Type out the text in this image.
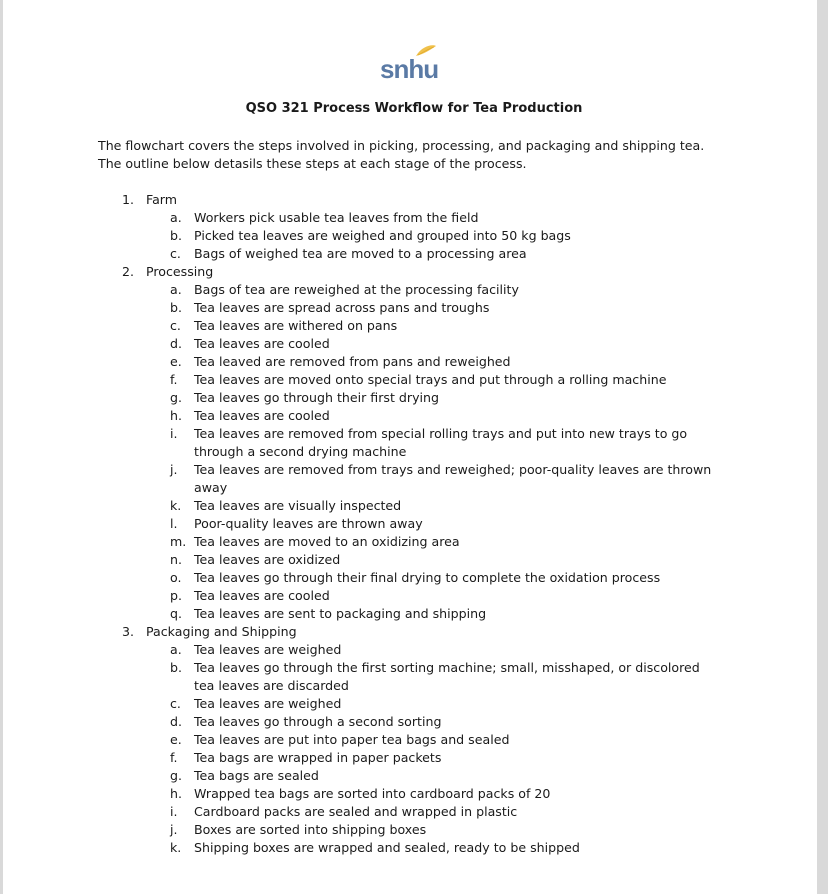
snhu
QSO 321 Process Workflow for Tea Production
The flowchart covers the steps involved in picking, processing, and packaging and shipping tea. The outline below detasils these steps at each stage of the process.
1. Farm
a. Workers pick usable tea leaves from the field
b. Picked tea leaves are weighed and grouped into 50 kg bags
c. Bags of weighed tea are moved to a processing area
2. Processing
a. Bags of tea are reweighed at the processing facility
b. Tea leaves are spread across pans and troughs
c. Tea leaves are withered on pans
d. Tea leaves are cooled
e. Tea leaved are removed from pans and reweighed
f. Tea leaves are moved onto special trays and put through a rolling machine
g. Tea leaves go through their first drying
h. Tea leaves are cooled
i. Tea leaves are removed from special rolling trays and put into new trays to go through a second drying machine
j. Tea leaves are removed from trays and reweighed; poor-quality leaves are thrown away
k. Tea leaves are visually inspected
l. Poor-quality leaves are thrown away
m. Tea leaves are moved to an oxidizing area
n. Tea leaves are oxidized
o. Tea leaves go through their final drying to complete the oxidation process
p. Tea leaves are cooled
q. Tea leaves are sent to packaging and shipping
3. Packaging and Shipping
a. Tea leaves are weighed
b. Tea leaves go through the first sorting machine; small, misshaped, or discolored tea leaves are discarded
c. Tea leaves are weighed
d. Tea leaves go through a second sorting
e. Tea leaves are put into paper tea bags and sealed
f. Tea bags are wrapped in paper packets
g. Tea bags are sealed
h. Wrapped tea bags are sorted into cardboard packs of 20
i. Cardboard packs are sealed and wrapped in plastic
j. Boxes are sorted into shipping boxes
k. Shipping boxes are wrapped and sealed, ready to be shipped
